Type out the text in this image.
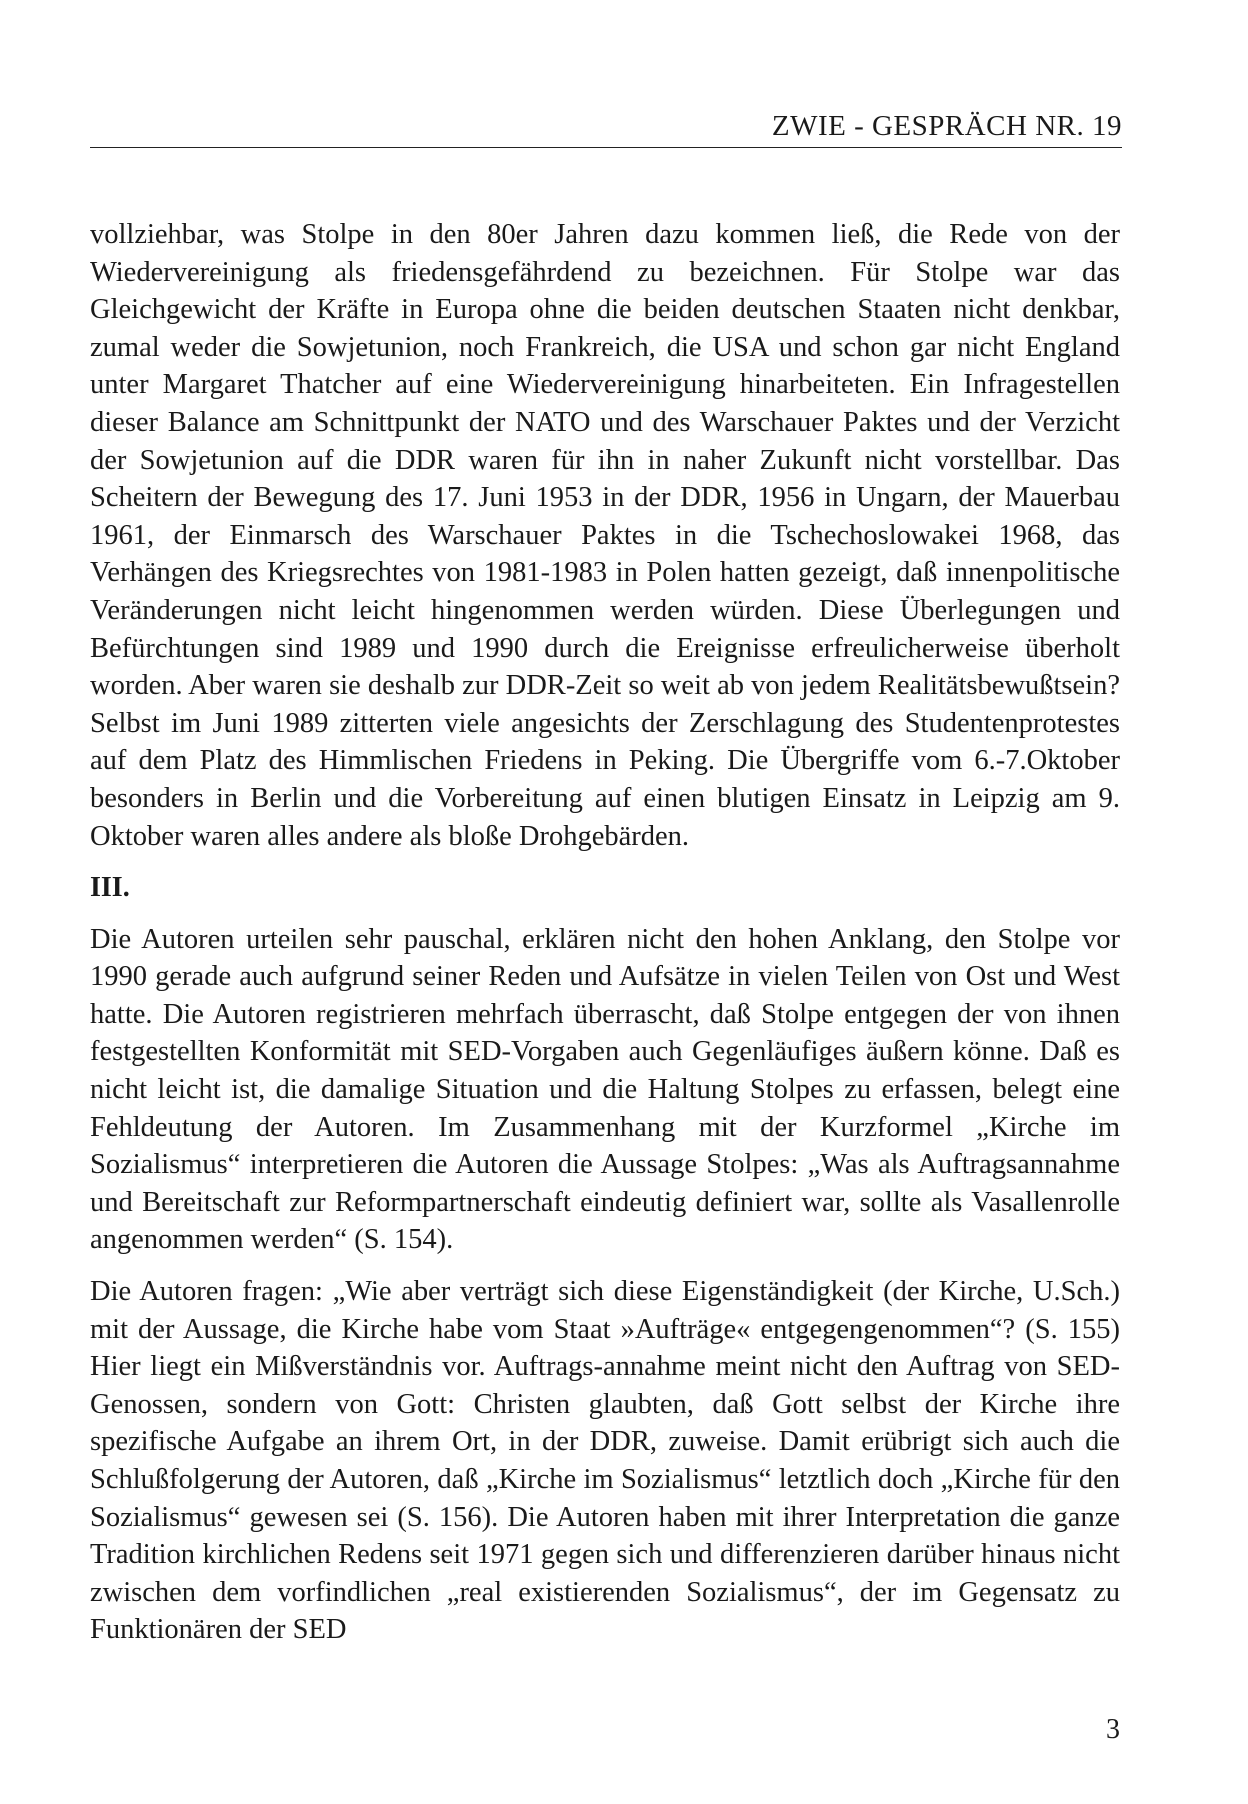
ZWIE - GESPRÄCH NR. 19

vollziehbar, was Stolpe in den 80er Jahren dazu kommen ließ, die Rede von der Wiedervereinigung als friedensgefährdend zu bezeichnen. Für Stolpe war das Gleichgewicht der Kräfte in Europa ohne die beiden deutschen Staaten nicht denkbar, zumal weder die Sowjetunion, noch Frankreich, die USA und schon gar nicht England unter Margaret Thatcher auf eine Wiedervereinigung hinarbeiteten. Ein Infragestellen dieser Balance am Schnittpunkt der NATO und des Warschauer Paktes und der Verzicht der Sowjetunion auf die DDR waren für ihn in naher Zukunft nicht vorstellbar. Das Scheitern der Bewegung des 17. Juni 1953 in der DDR, 1956 in Ungarn, der Mauerbau 1961, der Einmarsch des Warschauer Paktes in die Tschechoslowakei 1968, das Verhängen des Kriegsrechtes von 1981-1983 in Polen hatten gezeigt, daß innenpolitische Veränderungen nicht leicht hingenommen werden würden. Diese Überlegungen und Befürchtungen sind 1989 und 1990 durch die Ereignisse erfreulicherweise überholt worden. Aber waren sie deshalb zur DDR-Zeit so weit ab von jedem Realitätsbewußtsein? Selbst im Juni 1989 zitterten viele angesichts der Zerschlagung des Studentenprotestes auf dem Platz des Himmlischen Friedens in Peking. Die Übergriffe vom 6.-7.Oktober besonders in Berlin und die Vorbereitung auf einen blutigen Einsatz in Leipzig am 9. Oktober waren alles andere als bloße Drohgebärden.

III.

Die Autoren urteilen sehr pauschal, erklären nicht den hohen Anklang, den Stolpe vor 1990 gerade auch aufgrund seiner Reden und Aufsätze in vielen Teilen von Ost und West hatte. Die Autoren registrieren mehrfach überrascht, daß Stolpe entgegen der von ihnen festgestellten Konformität mit SED-Vorgaben auch Gegenläufiges äußern könne. Daß es nicht leicht ist, die damalige Situation und die Haltung Stolpes zu erfassen, belegt eine Fehldeutung der Autoren. Im Zusammenhang mit der Kurzformel „Kirche im Sozialismus“ interpretieren die Autoren die Aussage Stolpes: „Was als Auftragsannahme und Bereitschaft zur Reformpartnerschaft eindeutig definiert war, sollte als Vasallenrolle angenommen werden“ (S. 154).

Die Autoren fragen: „Wie aber verträgt sich diese Eigenständigkeit (der Kirche, U.Sch.) mit der Aussage, die Kirche habe vom Staat »Aufträge« entgegengenommen“? (S. 155) Hier liegt ein Mißverständnis vor. Auftrags-annahme meint nicht den Auftrag von SED-Genossen, sondern von Gott: Christen glaubten, daß Gott selbst der Kirche ihre spezifische Aufgabe an ihrem Ort, in der DDR, zuweise. Damit erübrigt sich auch die Schlußfolgerung der Autoren, daß „Kirche im Sozialismus“ letztlich doch „Kirche für den Sozialismus“ gewesen sei (S. 156). Die Autoren haben mit ihrer Interpretation die ganze Tradition kirchlichen Redens seit 1971 gegen sich und differenzieren darüber hinaus nicht zwischen dem vorfindlichen „real existierenden Sozialismus“, der im Gegensatz zu Funktionären der SED

3
